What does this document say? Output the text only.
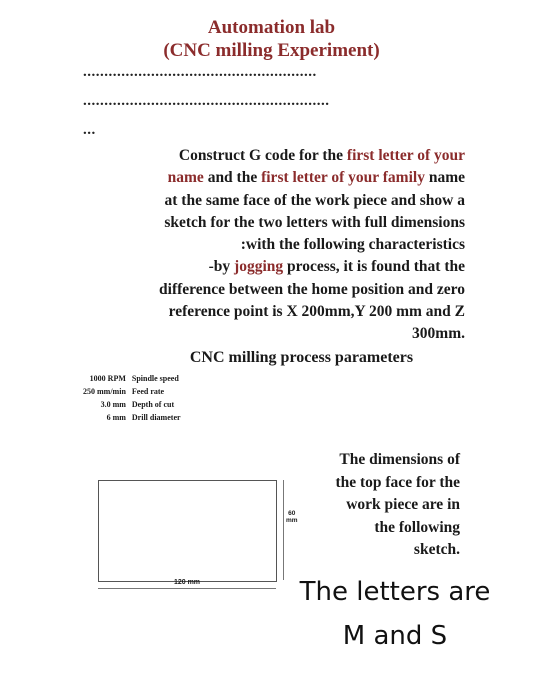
Automation lab
(CNC milling Experiment)
.......................................................
..........................................................
...
Construct G code for the first letter of your
name and the first letter of your family name
at the same face of the work piece and show a
sketch for the two letters with full dimensions
:with the following characteristics
-by jogging process, it is found that the
difference between the home position and zero
reference point is X 200mm,Y 200 mm and Z
300mm.
CNC milling process parameters
1000 RPM	Spindle speed
250 mm/min	Feed rate
3.0 mm	Depth of cut
6 mm	Drill diameter
60
mm
120 mm
The dimensions of
the top face for the
work piece are in
the following
sketch.
The letters are
M and S
